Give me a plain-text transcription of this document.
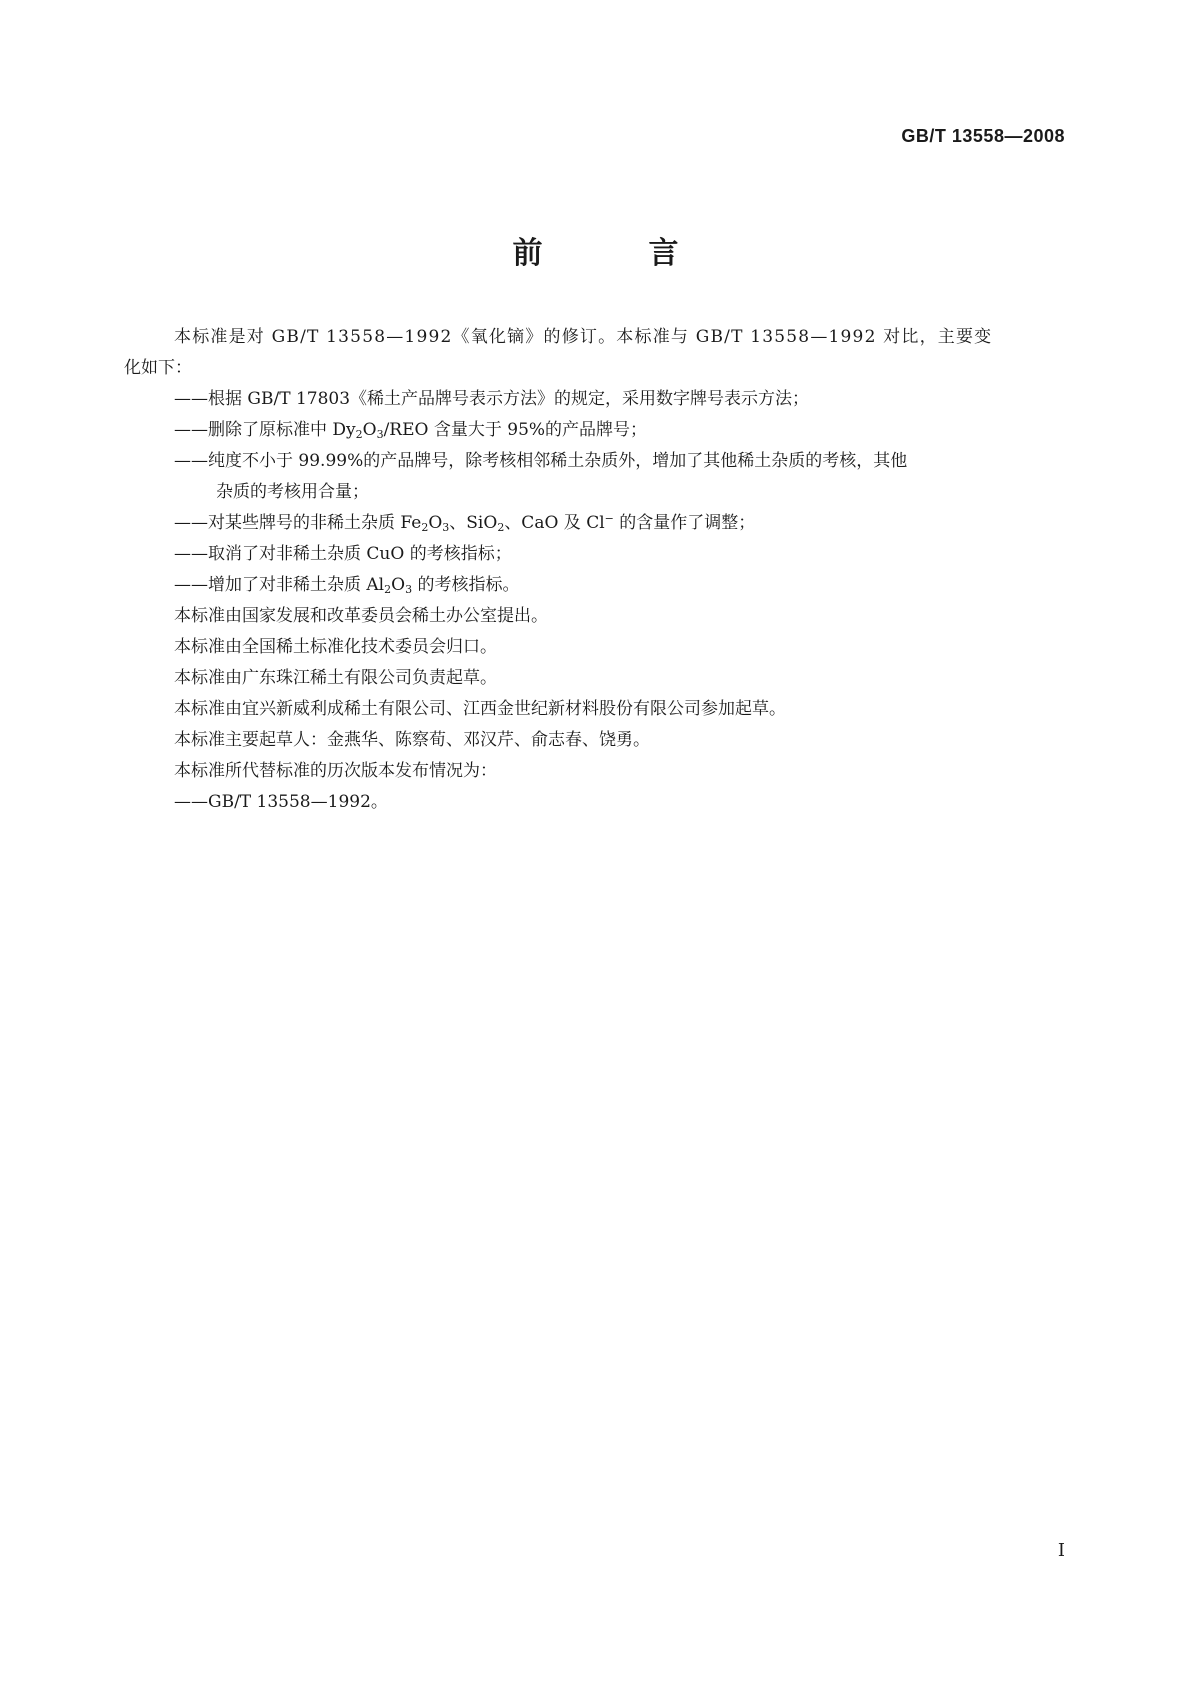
GB/T 13558—2008
前　言
本标准是对 GB/T 13558—1992《氧化镝》的修订。本标准与 GB/T 13558—1992 对比，主要变
化如下：
——根据 GB/T 17803《稀土产品牌号表示方法》的规定，采用数字牌号表示方法；
——删除了原标准中 $Dy_2O_3$/REO 含量大于 95%的产品牌号；
——纯度不小于 99.99%的产品牌号，除考核相邻稀土杂质外，增加了其他稀土杂质的考核，其他
杂质的考核用合量；
——对某些牌号的非稀土杂质 $Fe_2O_3$、SiO$_2$、CaO 及 Cl− 的含量作了调整；
——取消了对非稀土杂质 CuO 的考核指标；
——增加了对非稀土杂质 $Al_2O_3$ 的考核指标。
本标准由国家发展和改革委员会稀土办公室提出。
本标准由全国稀土标准化技术委员会归口。
本标准由广东珠江稀土有限公司负责起草。
本标准由宜兴新威利成稀土有限公司、江西金世纪新材料股份有限公司参加起草。
本标准主要起草人：金燕华、陈察荀、邓汉芹、俞志春、饶勇。
本标准所代替标准的历次版本发布情况为：
——GB/T 13558—1992。
I
